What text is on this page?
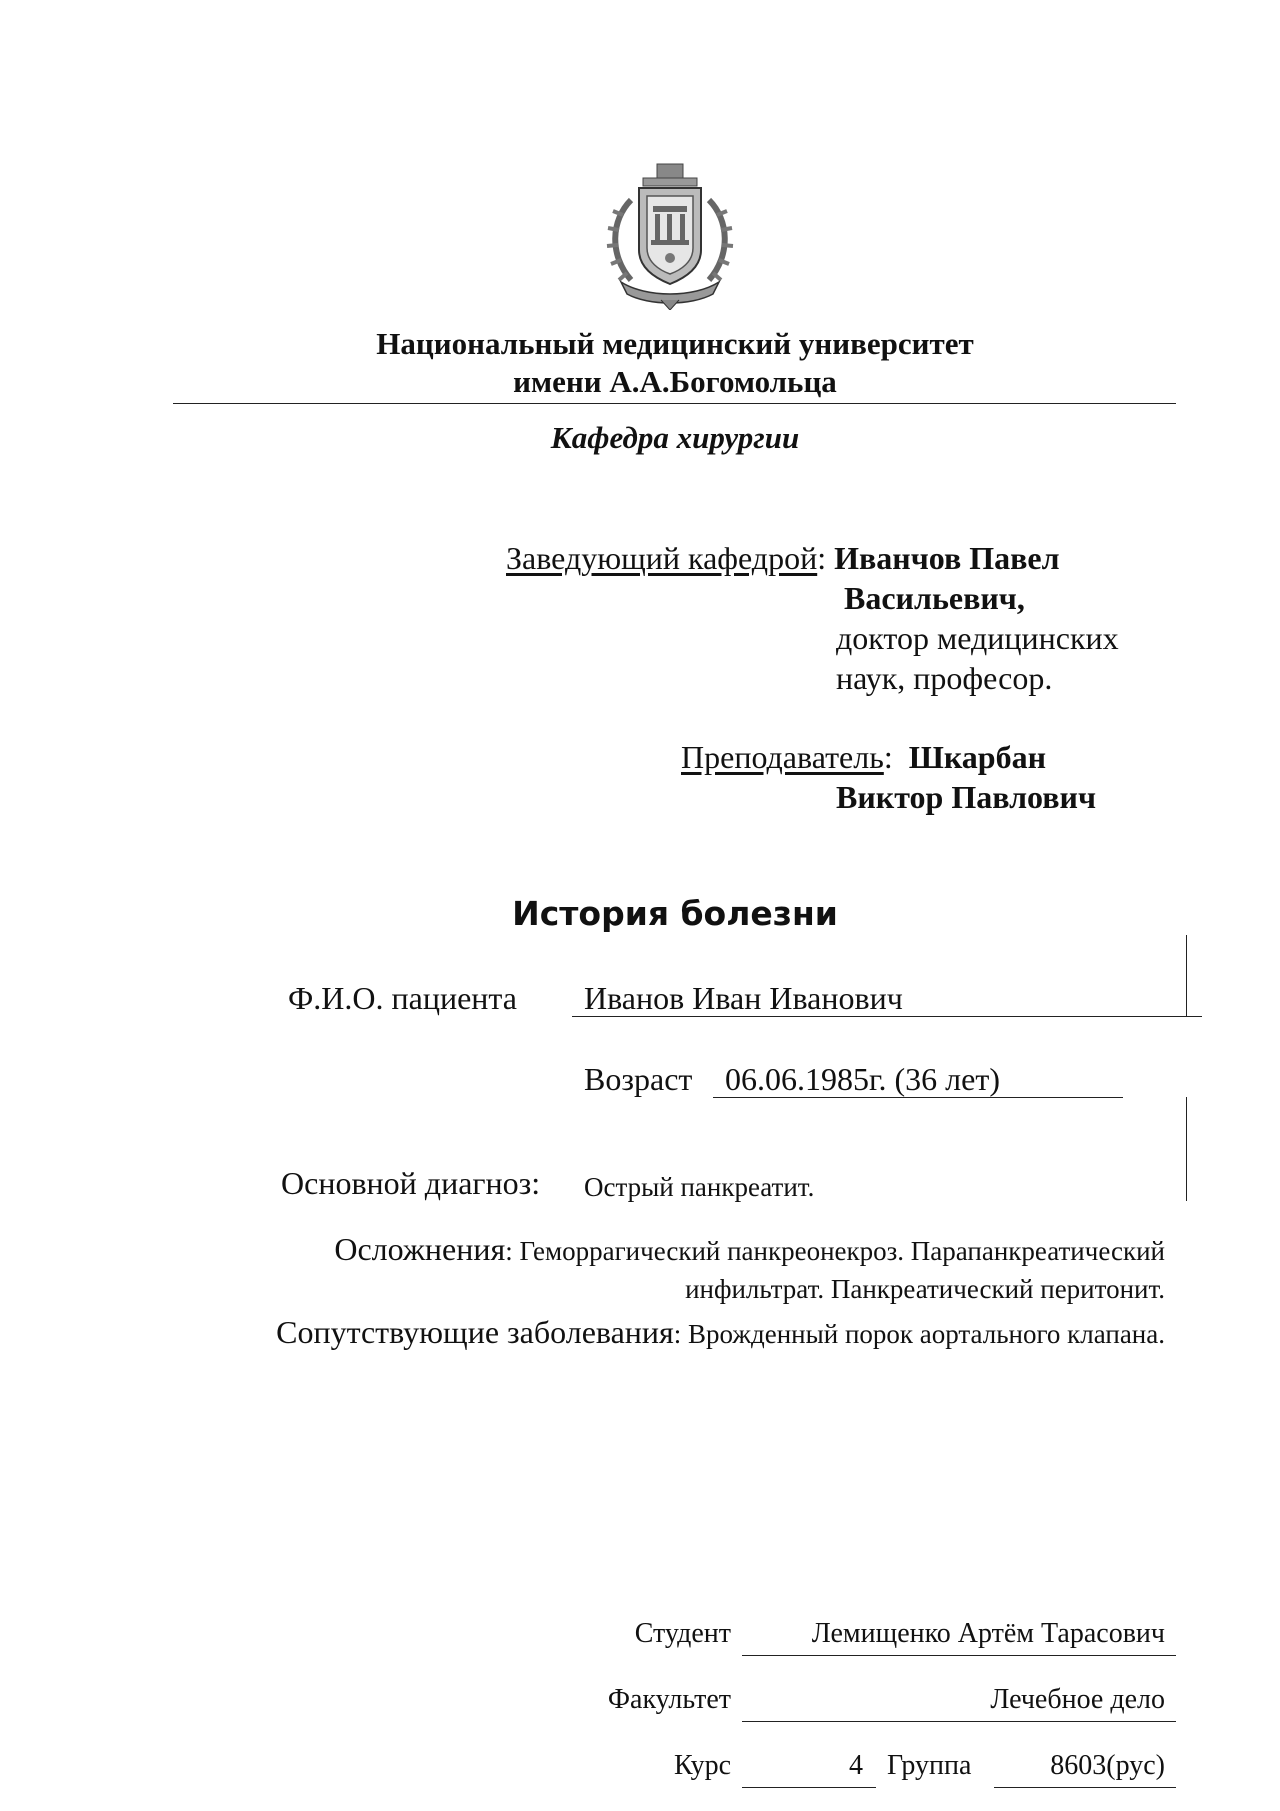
Национальный медицинский университет
имени А.А.Богомольца
Кафедра хирургии
Заведующий кафедрой: Иванчов Павел
Васильевич,
доктор медицинских
наук, професор.
Преподаватель:  Шкарбан
Виктор Павлович
История болезни
Ф.И.О. пациента Иванов Иван Иванович
Возраст 06.06.1985г. (36 лет)
Основной диагноз: Острый панкреатит.
Осложнения: Геморрагический панкреонекроз. Парапанкреатический
инфильтрат. Панкреатический перитонит.
Сопутствующие заболевания: Врожденный порок аортального клапана.
Студент	Лемищенко Артём Тарасович
Факультет	Лечебное дело
Курс	4 Группа	8603(рус)
